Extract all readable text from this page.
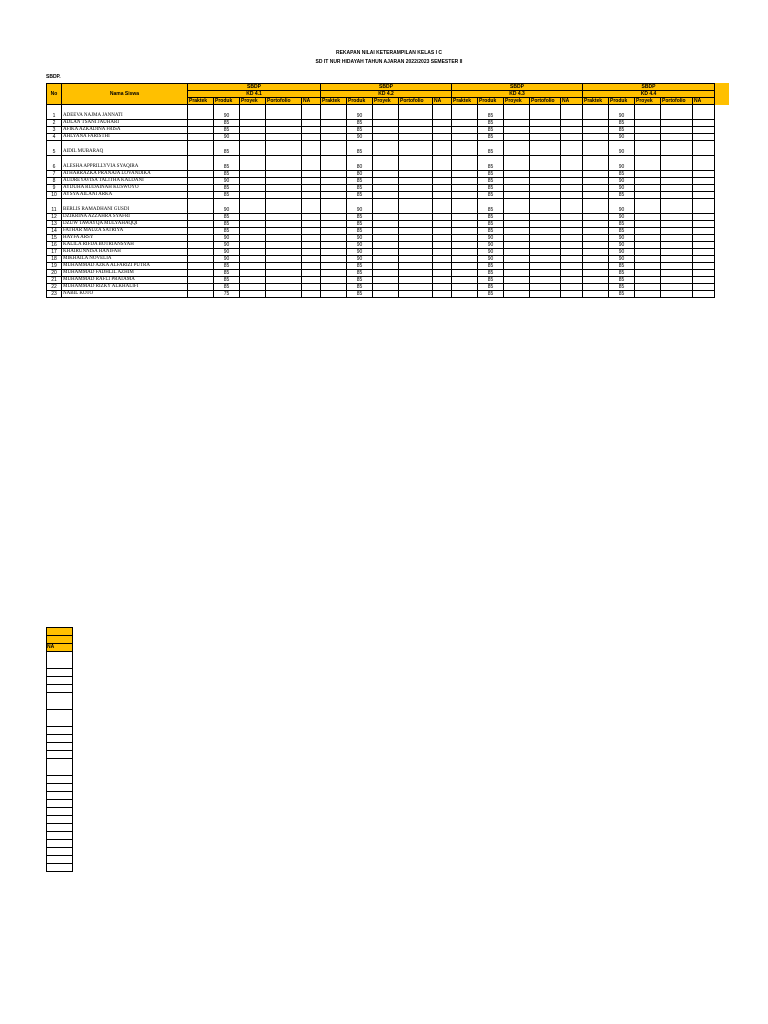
REKAPAN NILAI KETERAMPILAN KELAS I C
SD IT NUR HIDAYAH TAHUN AJARAN 2022/2023 SEMESTER II
SBDP.
No	Nama Siswa	SBDP					SBDP					SBDP					SBDP				
		KD 4.1					KD 4.2					KD 4.3					KD 4.4				
		Praktek	Produk	Proyek	Portofolio	NA	Praktek	Produk	Proyek	Portofolio	NA	Praktek	Produk	Proyek	Portofolio	NA	Praktek	Produk	Proyek	Portofolio	NA
1	ADEEVA NAJMA JANNATI		90					90					85					90			
2	ADLAN TSANI JAUHARI		85					85					85					85			
3	AFIKA AZKADINA FRISA		85					85					85					85			
4	AHLYANA FARISTHI		90					90					85					90			
5	AIDIL MUBARAQ		85					85					85					90			
6	ALESHA APPRILLYVIA SYAQIRA		85					80					85					90			
7	ATHARRAZKA PRANAJA LOVANDIKA		85					80					85					85			
8	AUDREYAVISA TALITHA KALDANI		90					85					85					90			
9	AYDUHA RUDAINAH KUSWOYO		85					85					85					90			
10	AYSYA AILANI ARKA		85					85					85					85			
11	BERLIS RAMADHANI GUSDI		90					90					85					90			
12	DZIKRINA AZZAHRA SYAFRI		85					85					85					90			
13	DZUW TAWAYQA MULYAHAQQI		85					85					85					85			
14	FATHAR MAUZA SATRIYA		85					85					85					85			
15	HAYFA ARSY		90					90					90					90			
16	KALILA RIFDA BOTRIANSYAH		90					90					90					90			
17	KHAIRUNNISA HANIFAH		90					90					90					90			
18	MIKHAILA NOVELIA		90					90					90					90			
19	MUHAMMAD AZKA ALFARIZI PUTRA		85					85					85					85			
20	MUHAMMAD FADHLIL AZHIM		85					85					85					85			
21	MUHAMMAD RAFLI PRATAMA		85					85					85					85			
22	MUHAMMAD RIZKY ALKHALIFI		85					85					85					85			
23	NABIL KOTO		75					85					85					85			

NA
